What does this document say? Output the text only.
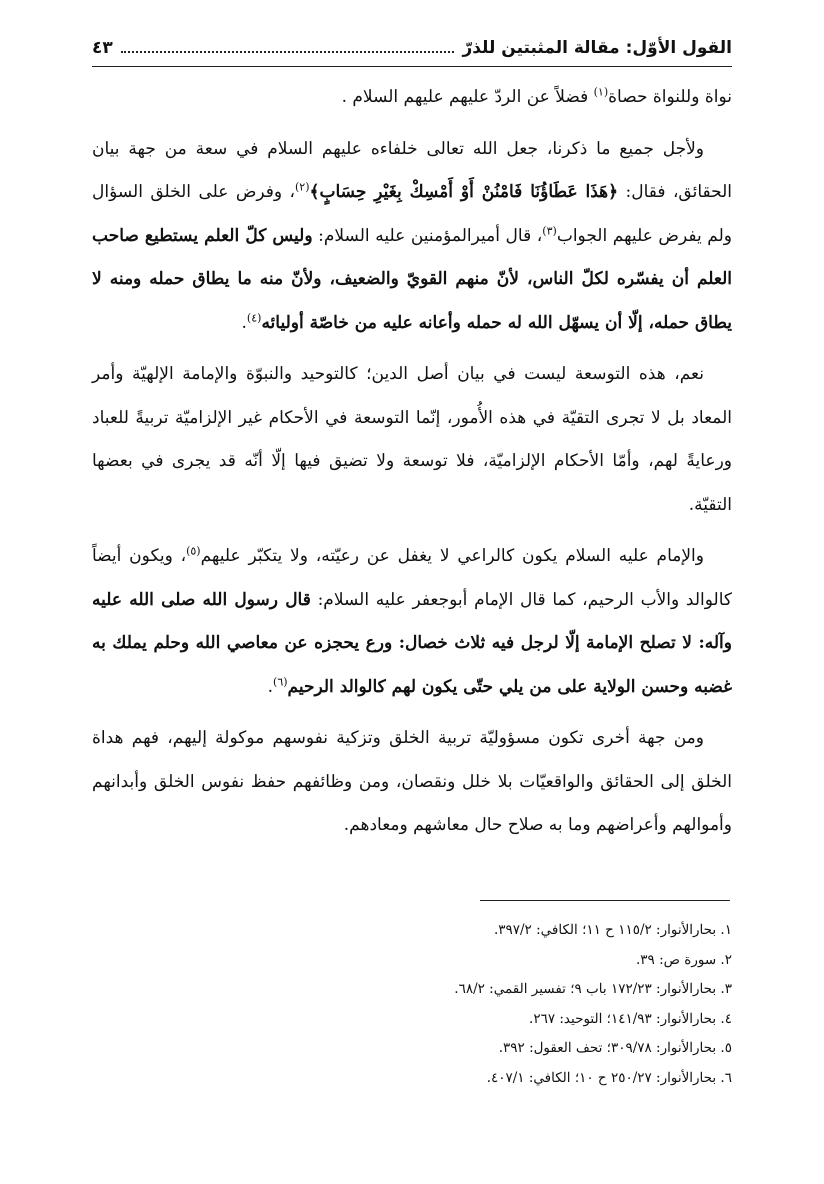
القول الأوّل: مقالة المثبتين للذرّ
٤٣

نواة وللنواة حصاة$^{(١)}$ فضلاً عن الردّ عليهم عليهم السلام .

ولأجل جميع ما ذكرنا، جعل الله تعالى خلفاءه عليهم السلام في سعة من جهة بيان الحقائق، فقال: ﴿هَذَا عَطَاؤُنَا فَامْنُنْ أَوْ أَمْسِكْ بِغَيْرِ حِسَابٍ﴾$^{(٢)}$، وفرض على الخلق السؤال ولم يفرض عليهم الجواب$^{(٣)}$، قال أميرالمؤمنين عليه السلام: وليس كلّ العلم يستطيع صاحب العلم أن يفسّره لكلّ الناس، لأنّ منهم القويّ والضعيف، ولأنّ منه ما يطاق حمله ومنه لا يطاق حمله، إلّا أن يسهّل الله له حمله وأعانه عليه من خاصّة أوليائه$^{(٤)}$.

نعم، هذه التوسعة ليست في بيان أصل الدين؛ كالتوحيد والنبوّة والإمامة الإلهيّة وأمر المعاد بل لا تجرى التقيّة في هذه الأُمور، إنّما التوسعة في الأحكام غير الإلزاميّة تربيةً للعباد ورعايةً لهم، وأمّا الأحكام الإلزاميّة، فلا توسعة ولا تضيق فيها إلّا أنّه قد يجرى في بعضها التقيّة.

والإمام عليه السلام يكون كالراعي لا يغفل عن رعيّته، ولا يتكبّر عليهم$^{(٥)}$، ويكون أيضاً كالوالد والأب الرحيم، كما قال الإمام أبوجعفر عليه السلام: قال رسول الله صلى الله عليه وآله: لا تصلح الإمامة إلّا لرجل فيه ثلاث خصال: ورع يحجزه عن معاصي الله وحلم يملك به غضبه وحسن الولاية على من يلي حتّى يكون لهم كالوالد الرحيم$^{(٦)}$.

ومن جهة أخرى تكون مسؤوليّة تربية الخلق وتزكية نفوسهم موكولة إليهم، فهم هداة الخلق إلى الحقائق والواقعيّات بلا خلل ونقصان، ومن وظائفهم حفظ نفوس الخلق وأبدانهم وأموالهم وأعراضهم وما به صلاح حال معاشهم ومعادهم.

١. بحارالأنوار: ١١٥/٢ ح ١١؛ الكافي: ٣٩٧/٢.
٢. سورة ص: ٣٩.
٣. بحارالأنوار: ١٧٢/٢٣ باب ٩؛ تفسير القمي: ٦٨/٢.
٤. بحارالأنوار: ١٤١/٩٣؛ التوحيد: ٢٦٧.
٥. بحارالأنوار: ٣٠٩/٧٨؛ تحف العقول: ٣٩٢.
٦. بحارالأنوار: ٢٥٠/٢٧ ح ١٠؛ الكافي: ٤٠٧/١.
